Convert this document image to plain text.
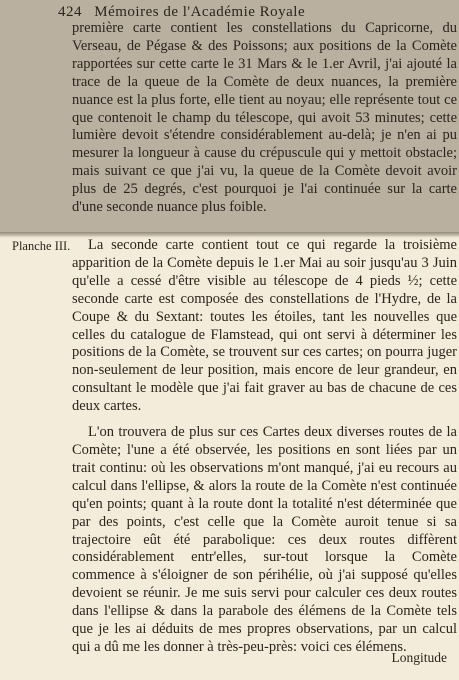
424 Mémoires de l'Académie Royale

première carte contient les constellations du Capricorne, du Verseau, de Pégase & des Poissons; aux positions de la Comète rapportées sur cette carte le 31 Mars & le 1.er Avril, j'ai ajouté la trace de la queue de la Comète de deux nuances, la première nuance est la plus forte, elle tient au noyau; elle représente tout ce que contenoit le champ du télescope, qui avoit 53 minutes; cette lumière devoit s'étendre considérablement au-delà; je n'en ai pu mesurer la longueur à cause du crépuscule qui y mettoit obstacle; mais suivant ce que j'ai vu, la queue de la Comète devoit avoir plus de 25 degrés, c'est pourquoi je l'ai continuée sur la carte d'une seconde nuance plus foible.

Planche III.	La seconde carte contient tout ce qui regarde la troisième apparition de la Comète depuis le 1.er Mai au soir jusqu'au 3 Juin qu'elle a cessé d'être visible au télescope de 4 pieds ½; cette seconde carte est composée des constellations de l'Hydre, de la Coupe & du Sextant: toutes les étoiles, tant les nouvelles que celles du catalogue de Flamstead, qui ont servi à déterminer les positions de la Comète, se trouvent sur ces cartes; on pourra juger non-seulement de leur position, mais encore de leur grandeur, en consultant le modèle que j'ai fait graver au bas de chacune de ces deux cartes.

L'on trouvera de plus sur ces Cartes deux diverses routes de la Comète; l'une a été observée, les positions en sont liées par un trait continu: où les observations m'ont manqué, j'ai eu recours au calcul dans l'ellipse, & alors la route de la Comète n'est continuée qu'en points; quant à la route dont la totalité n'est déterminée que par des points, c'est celle que la Comète auroit tenue si sa trajectoire eût été parabolique: ces deux routes diffèrent considérablement entr'elles, sur-tout lorsque la Comète commence à s'éloigner de son périhélie, où j'ai supposé qu'elles devoient se réunir. Je me suis servi pour calculer ces deux routes dans l'ellipse & dans la parabole des élémens de la Comète tels que je les ai déduits de mes propres observations, par un calcul qui a dû me les donner à très-peu-près: voici ces élémens.

Longitude
